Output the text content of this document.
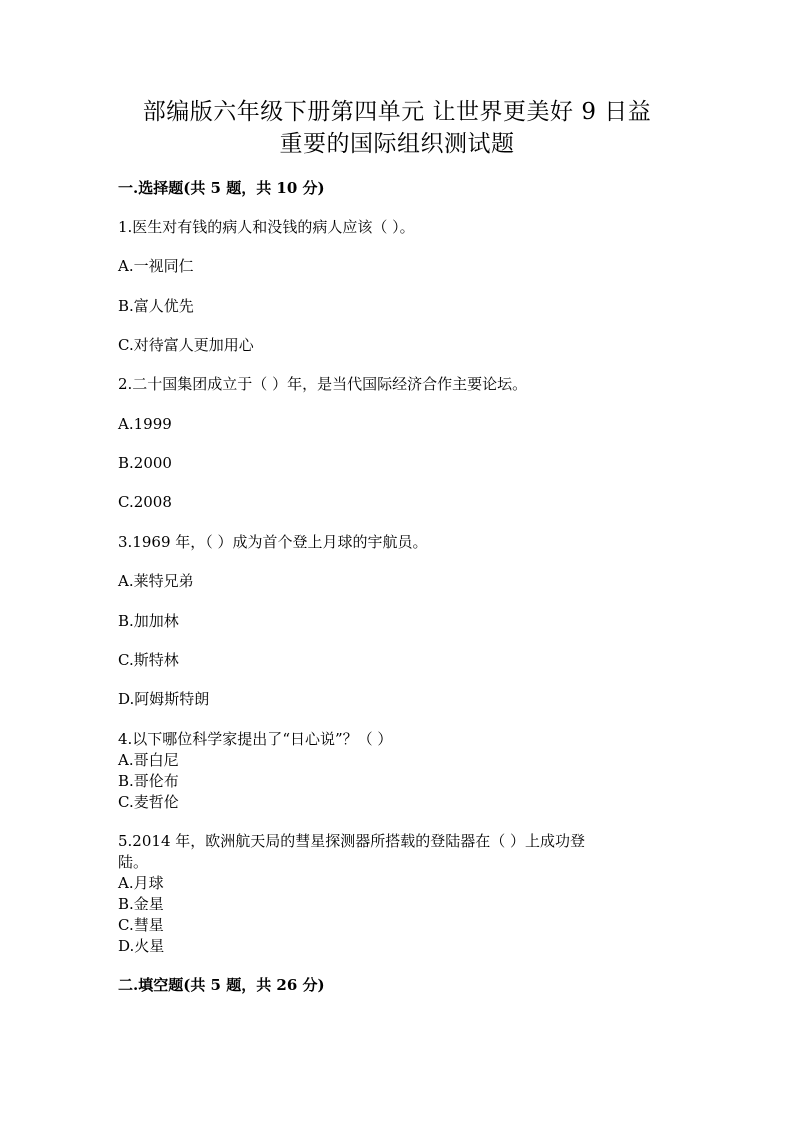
部编版六年级下册第四单元 让世界更美好 9 日益
重要的国际组织测试题
一.选择题(共 5 题，共 10 分)
1.医生对有钱的病人和没钱的病人应该（ ）。
A.一视同仁
B.富人优先
C.对待富人更加用心
2.二十国集团成立于（ ）年，是当代国际经济合作主要论坛。
A.1999
B.2000
C.2008
3.1969 年，（ ）成为首个登上月球的宇航员。
A.莱特兄弟
B.加加林
C.斯特林
D.阿姆斯特朗
4.以下哪位科学家提出了“日心说”？（ ）
A.哥白尼
B.哥伦布
C.麦哲伦
5.2014 年，欧洲航天局的彗星探测器所搭载的登陆器在（ ）上成功登
陆。
A.月球
B.金星
C.彗星
D.火星
二.填空题(共 5 题，共 26 分)
